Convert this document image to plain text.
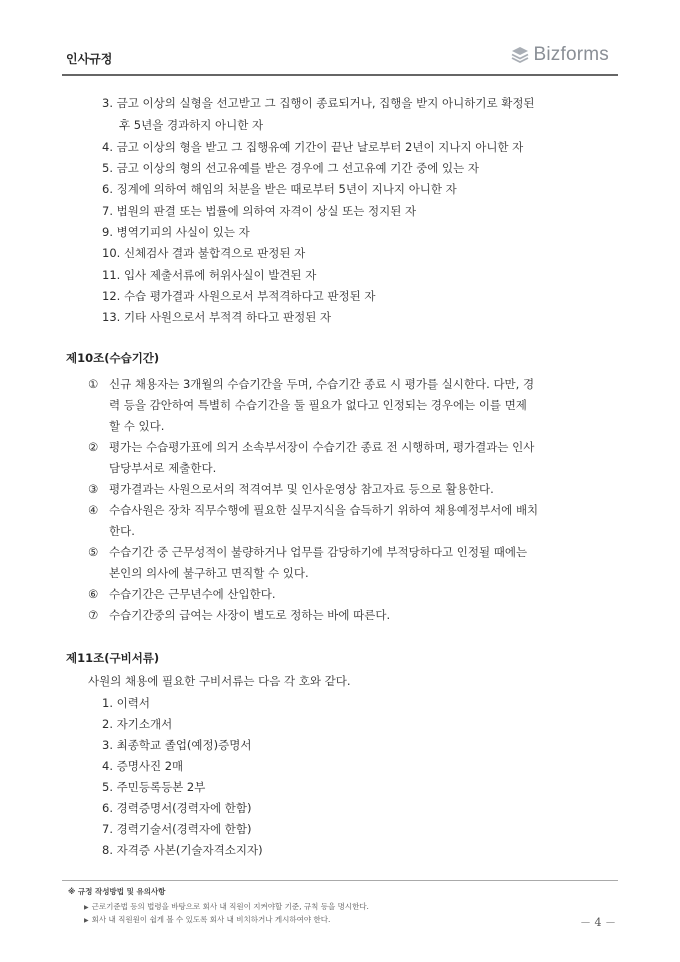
인사규정	Bizforms
3. 금고 이상의 실형을 선고받고 그 집행이 종료되거나, 집행을 받지 아니하기로 확정된
후 5년을 경과하지 아니한 자
4. 금고 이상의 형을 받고 그 집행유예 기간이 끝난 날로부터 2년이 지나지 아니한 자
5. 금고 이상의 형의 선고유예를 받은 경우에 그 선고유예 기간 중에 있는 자
6. 징계에 의하여 해임의 처분을 받은 때로부터 5년이 지나지 아니한 자
7. 법원의 판결 또는 법률에 의하여 자격이 상실 또는 정지된 자
9. 병역기피의 사실이 있는 자
10. 신체검사 결과 불합격으로 판정된 자
11. 입사 제출서류에 허위사실이 발견된 자
12. 수습 평가결과 사원으로서 부적격하다고 판정된 자
13. 기타 사원으로서 부적격 하다고 판정된 자
제10조(수습기간)
① 신규 채용자는 3개월의 수습기간을 두며, 수습기간 종료 시 평가를 실시한다. 다만, 경
력 등을 감안하여 특별히 수습기간을 둘 필요가 없다고 인정되는 경우에는 이를 면제
할 수 있다.
② 평가는 수습평가표에 의거 소속부서장이 수습기간 종료 전 시행하며, 평가결과는 인사
담당부서로 제출한다.
③ 평가결과는 사원으로서의 적격여부 및 인사운영상 참고자료 등으로 활용한다.
④ 수습사원은 장차 직무수행에 필요한 실무지식을 습득하기 위하여 채용예정부서에 배치
한다.
⑤ 수습기간 중 근무성적이 불량하거나 업무를 감당하기에 부적당하다고 인정될 때에는
본인의 의사에 불구하고 면직할 수 있다.
⑥ 수습기간은 근무년수에 산입한다.
⑦ 수습기간중의 급여는 사장이 별도로 정하는 바에 따른다.
제11조(구비서류)
사원의 채용에 필요한 구비서류는 다음 각 호와 같다.
1. 이력서
2. 자기소개서
3. 최종학교 졸업(예정)증명서
4. 증명사진 2매
5. 주민등록등본 2부
6. 경력증명서(경력자에 한함)
7. 경력기술서(경력자에 한함)
8. 자격증 사본(기술자격소지자)
※ 규정 작성방법 및 유의사항
▶ 근로기준법 등의 법령을 바탕으로 회사 내 직원이 지켜야할 기준, 규칙 등을 명시한다.
▶ 회사 내 직원원이 쉽게 볼 수 있도록 회사 내 비치하거나 게시하여야 한다.	－ 4 －
